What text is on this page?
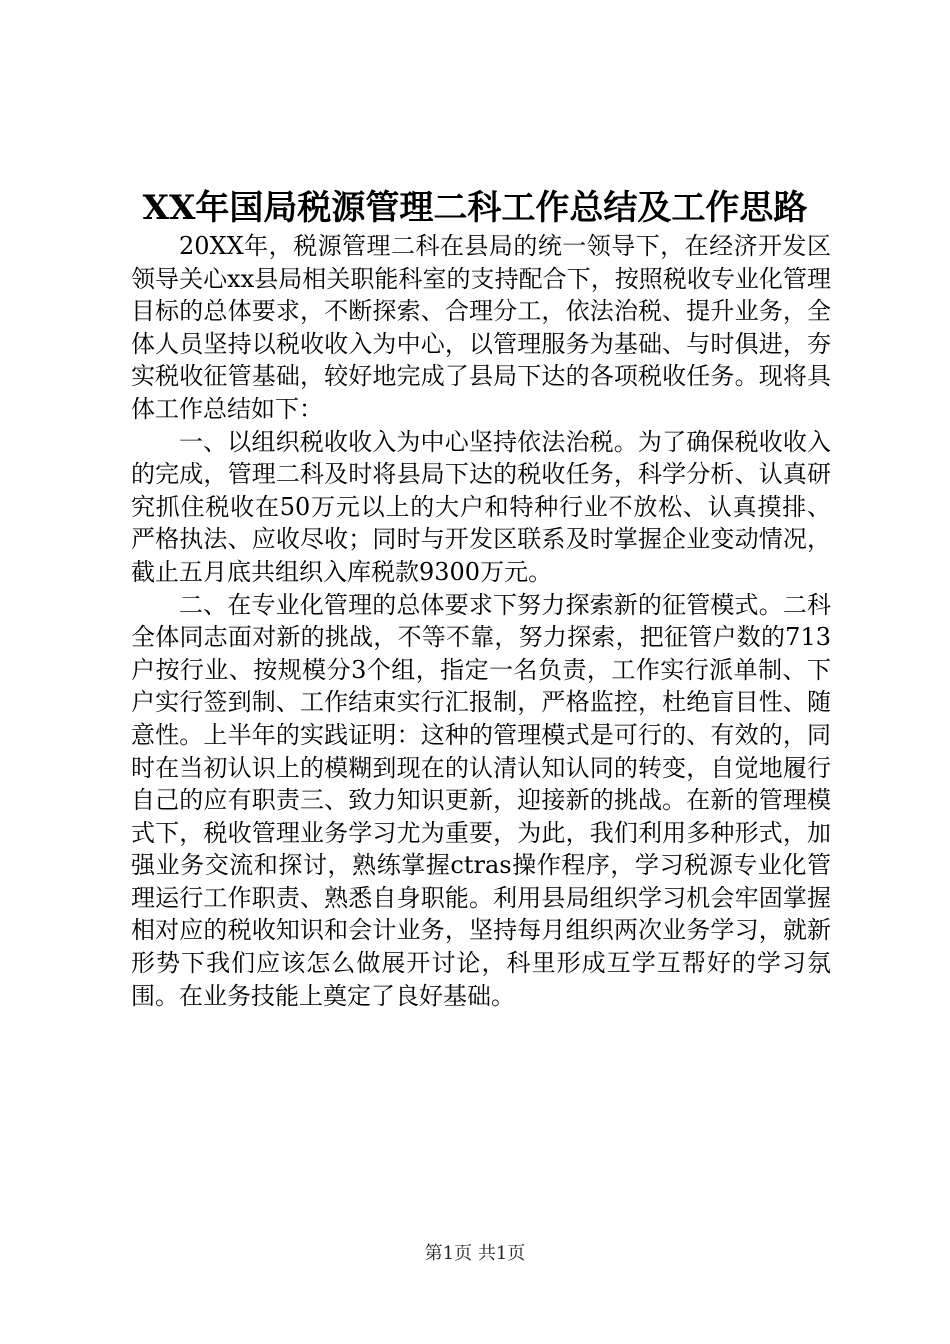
XX年国局税源管理二科工作总结及工作思路

20XX年，税源管理二科在县局的统一领导下，在经济开发区领导关心xx县局相关职能科室的支持配合下，按照税收专业化管理目标的总体要求，不断探索、合理分工，依法治税、提升业务，全体人员坚持以税收收入为中心，以管理服务为基础、与时俱进，夯实税收征管基础，较好地完成了县局下达的各项税收任务。现将具体工作总结如下：

一、以组织税收收入为中心坚持依法治税。为了确保税收收入的完成，管理二科及时将县局下达的税收任务，科学分析、认真研究抓住税收在50万元以上的大户和特种行业不放松、认真摸排、严格执法、应收尽收；同时与开发区联系及时掌握企业变动情况，截止五月底共组织入库税款9300万元。

二、在专业化管理的总体要求下努力探索新的征管模式。二科全体同志面对新的挑战，不等不靠，努力探索，把征管户数的713户按行业、按规模分3个组，指定一名负责，工作实行派单制、下户实行签到制、工作结束实行汇报制，严格监控，杜绝盲目性、随意性。上半年的实践证明：这种的管理模式是可行的、有效的，同时在当初认识上的模糊到现在的认清认知认同的转变，自觉地履行自己的应有职责三、致力知识更新，迎接新的挑战。在新的管理模式下，税收管理业务学习尤为重要，为此，我们利用多种形式，加强业务交流和探讨，熟练掌握ctras操作程序，学习税源专业化管理运行工作职责、熟悉自身职能。利用县局组织学习机会牢固掌握相对应的税收知识和会计业务，坚持每月组织两次业务学习，就新形势下我们应该怎么做展开讨论，科里形成互学互帮好的学习氛围。在业务技能上奠定了良好基础。

第1页 共1页
